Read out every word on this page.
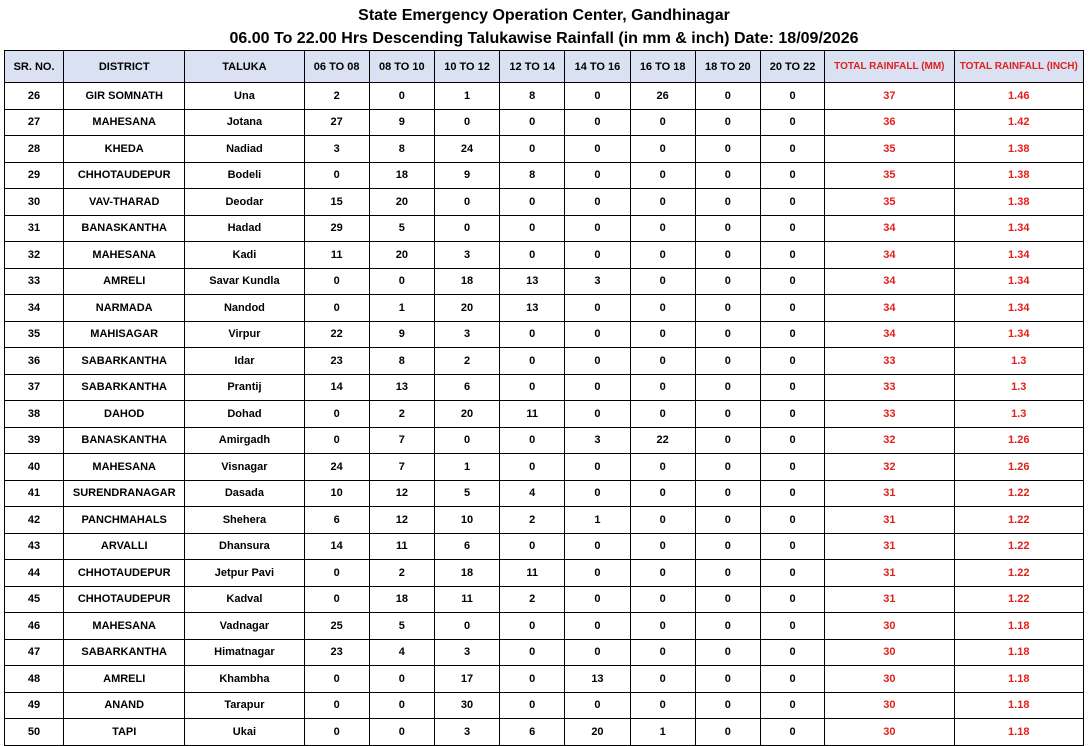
State Emergency Operation Center, Gandhinagar
06.00 To 22.00 Hrs Descending Talukawise Rainfall (in mm & inch) Date: 18/09/2026
SR. NO.	DISTRICT	TALUKA	06 TO 08	08 TO 10	10 TO 12	12 TO 14	14 TO 16	16 TO 18	18 TO 20	20 TO 22	TOTAL RAINFALL (MM)	TOTAL RAINFALL (INCH)
26	GIR SOMNATH	Una	2	0	1	8	0	26	0	0	37	1.46
27	MAHESANA	Jotana	27	9	0	0	0	0	0	0	36	1.42
28	KHEDA	Nadiad	3	8	24	0	0	0	0	0	35	1.38
29	CHHOTAUDEPUR	Bodeli	0	18	9	8	0	0	0	0	35	1.38
30	VAV-THARAD	Deodar	15	20	0	0	0	0	0	0	35	1.38
31	BANASKANTHA	Hadad	29	5	0	0	0	0	0	0	34	1.34
32	MAHESANA	Kadi	11	20	3	0	0	0	0	0	34	1.34
33	AMRELI	Savar Kundla	0	0	18	13	3	0	0	0	34	1.34
34	NARMADA	Nandod	0	1	20	13	0	0	0	0	34	1.34
35	MAHISAGAR	Virpur	22	9	3	0	0	0	0	0	34	1.34
36	SABARKANTHA	Idar	23	8	2	0	0	0	0	0	33	1.3
37	SABARKANTHA	Prantij	14	13	6	0	0	0	0	0	33	1.3
38	DAHOD	Dohad	0	2	20	11	0	0	0	0	33	1.3
39	BANASKANTHA	Amirgadh	0	7	0	0	3	22	0	0	32	1.26
40	MAHESANA	Visnagar	24	7	1	0	0	0	0	0	32	1.26
41	SURENDRANAGAR	Dasada	10	12	5	4	0	0	0	0	31	1.22
42	PANCHMAHALS	Shehera	6	12	10	2	1	0	0	0	31	1.22
43	ARVALLI	Dhansura	14	11	6	0	0	0	0	0	31	1.22
44	CHHOTAUDEPUR	Jetpur Pavi	0	2	18	11	0	0	0	0	31	1.22
45	CHHOTAUDEPUR	Kadval	0	18	11	2	0	0	0	0	31	1.22
46	MAHESANA	Vadnagar	25	5	0	0	0	0	0	0	30	1.18
47	SABARKANTHA	Himatnagar	23	4	3	0	0	0	0	0	30	1.18
48	AMRELI	Khambha	0	0	17	0	13	0	0	0	30	1.18
49	ANAND	Tarapur	0	0	30	0	0	0	0	0	30	1.18
50	TAPI	Ukai	0	0	3	6	20	1	0	0	30	1.18
